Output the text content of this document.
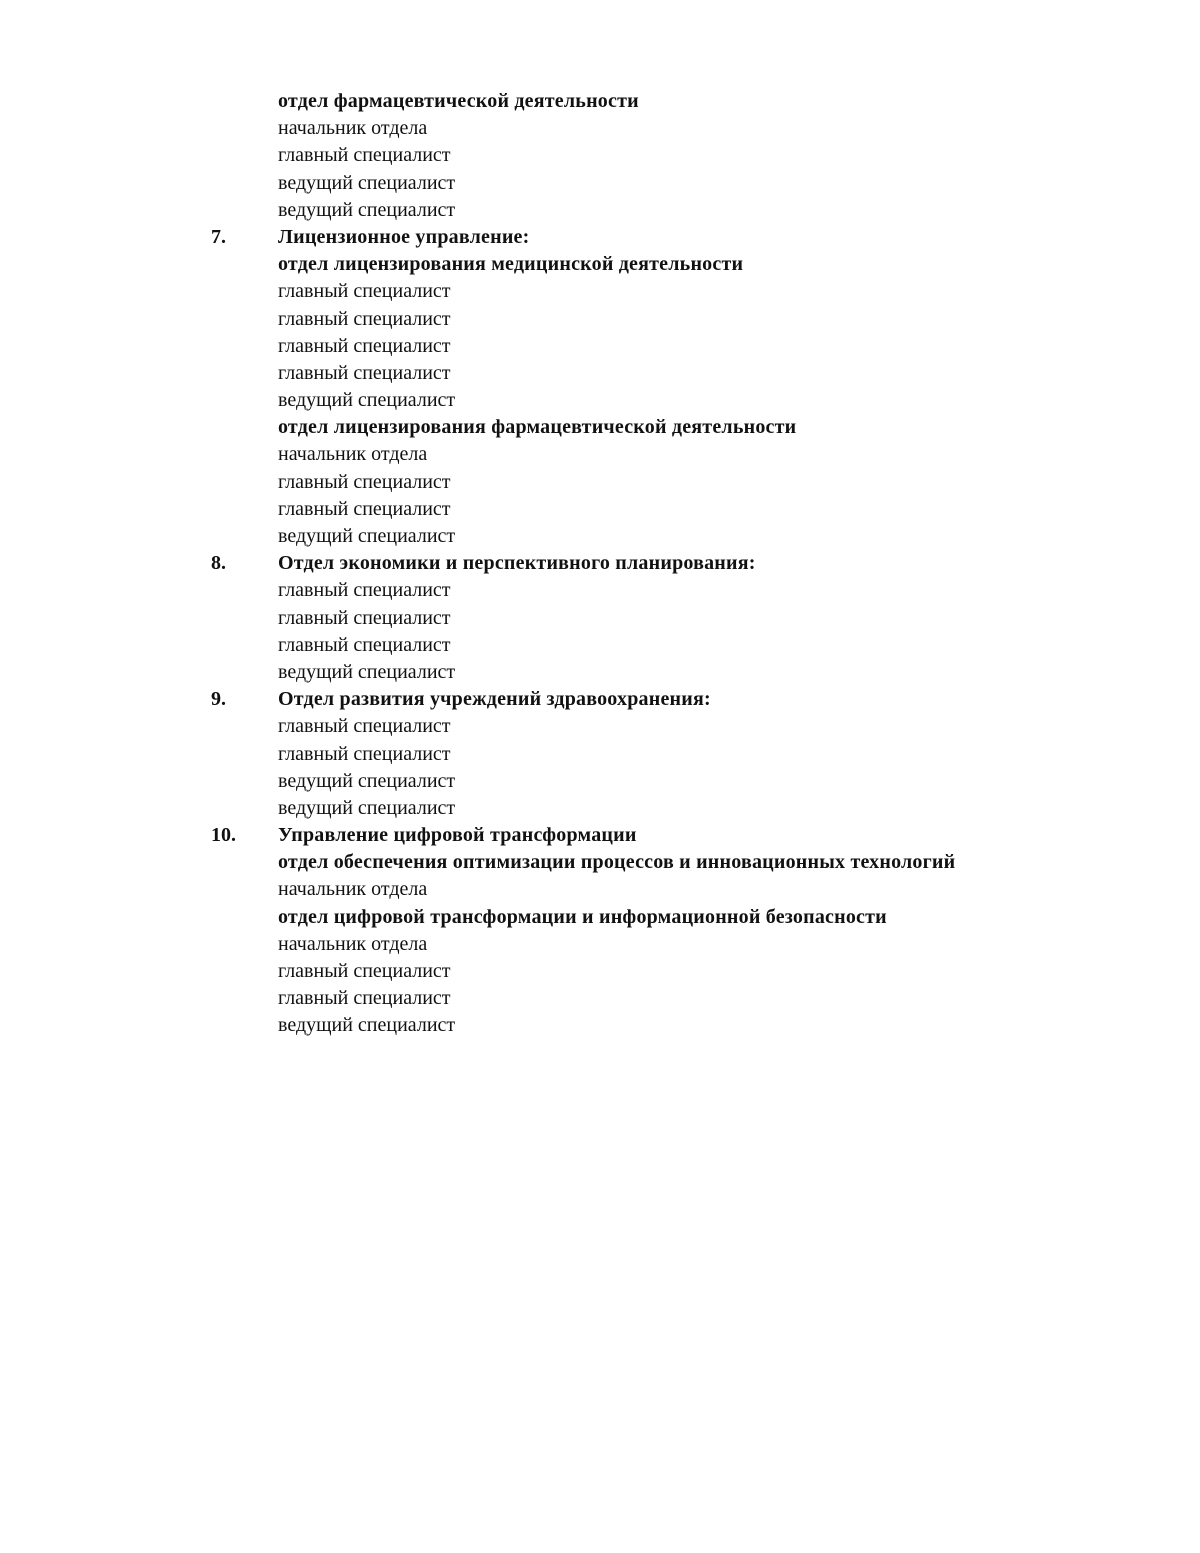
отдел фармацевтической деятельности
начальник отдела
главный специалист
ведущий специалист
ведущий специалист
7.	Лицензионное управление:
отдел лицензирования медицинской деятельности
главный специалист
главный специалист
главный специалист
главный специалист
ведущий специалист
отдел лицензирования фармацевтической деятельности
начальник отдела
главный специалист
главный специалист
ведущий специалист
8.	Отдел экономики и перспективного планирования:
главный специалист
главный специалист
главный специалист
ведущий специалист
9.	Отдел развития учреждений здравоохранения:
главный специалист
главный специалист
ведущий специалист
ведущий специалист
10.	Управление цифровой трансформации
отдел обеспечения оптимизации процессов и инновационных технологий
начальник отдела
отдел цифровой трансформации и информационной безопасности
начальник отдела
главный специалист
главный специалист
ведущий специалист
